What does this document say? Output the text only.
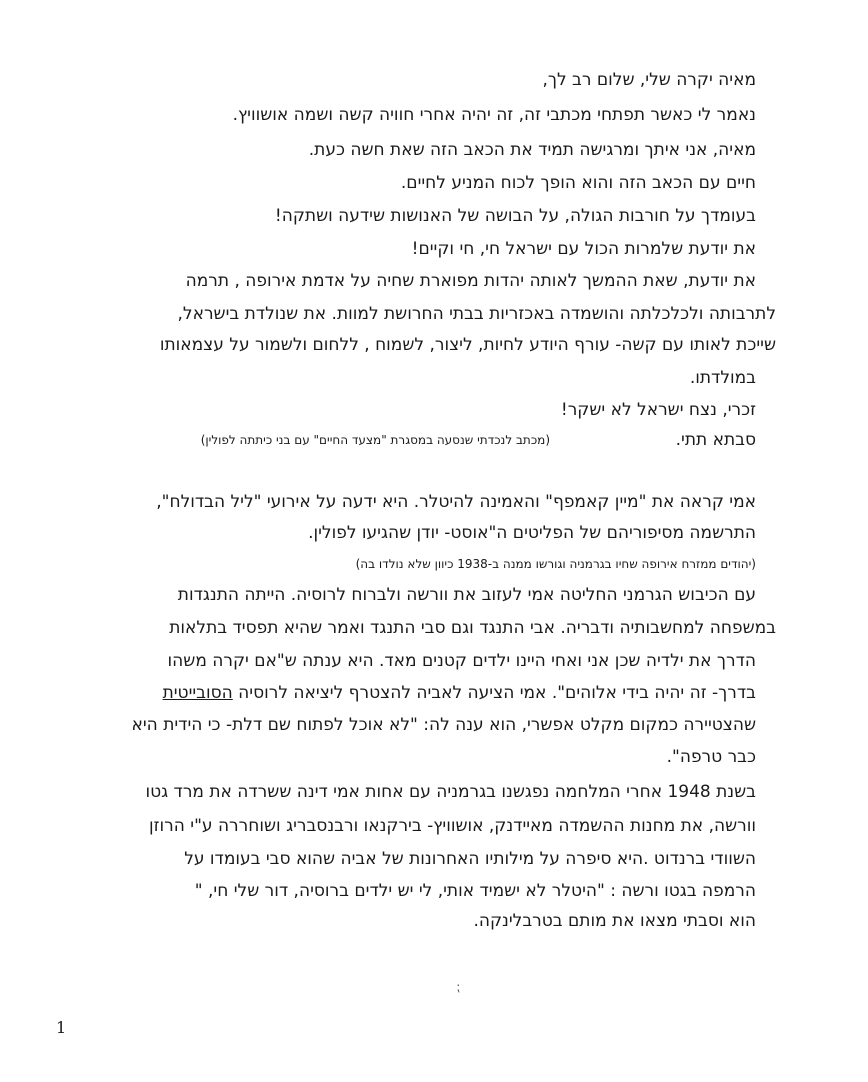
מאיה יקרה שלי, שלום רב לך,
נאמר לי כאשר תפתחי מכתבי זה, זה יהיה אחרי חוויה קשה ושמה אושוויץ.
מאיה, אני איתך ומרגישה תמיד את הכאב הזה שאת חשה כעת.
חיים עם הכאב הזה והוא הופך לכוח המניע לחיים.
בעומדך על חורבות הגולה, על הבושה של האנושות שידעה ושתקה!
את יודעת שלמרות הכול עם ישראל חי, חי וקיים!
את יודעת, שאת ההמשך לאותה יהדות מפוארת שחיה על אדמת אירופה , תרמה
לתרבותה ולכלכלתה והושמדה באכזריות בבתי החרושת למוות. את שנולדת בישראל,
שייכת לאותו עם קשה- עורף היודע לחיות, ליצור, לשמוח , ללחום ולשמור על עצמאותו
במולדתו.
זכרי, נצח ישראל לא ישקר!
סבתא תתי.
(מכתב לנכדתי שנסעה במסגרת "מצעד החיים" עם בני כיתתה לפולין)
אמי קראה את "מיין קאמפף" והאמינה להיטלר. היא ידעה על אירועי "ליל הבדולח",
התרשמה מסיפוריהם של הפליטים ה"אוסט- יודן שהגיעו לפולין.
(יהודים ממזרח אירופה שחיו בגרמניה וגורשו ממנה ב-1938 כיוון שלא נולדו בה)
עם הכיבוש הגרמני החליטה אמי לעזוב את וורשה ולברוח לרוסיה. הייתה התנגדות
במשפחה למחשבותיה ודבריה. אבי התנגד וגם סבי התנגד ואמר שהיא תפסיד בתלאות
הדרך את ילדיה שכן אני ואחי היינו ילדים קטנים מאד. היא ענתה ש"אם יקרה משהו
בדרך- זה יהיה בידי אלוהים". אמי הציעה לאביה להצטרף ליציאה לרוסיה הסובייטית
שהצטיירה כמקום מקלט אפשרי, הוא ענה לה: "לא אוכל לפתוח שם דלת- כי הידית היא
כבר טרפה".
בשנת 1948 אחרי המלחמה נפגשנו בגרמניה עם אחות אמי דינה ששרדה את מרד גטו
וורשה, את מחנות ההשמדה מאיידנק, אושוויץ- בירקנאו ורבנסבריג ושוחררה ע"י הרוזן
השוודי ברנדוט .היא סיפרה על מילותיו האחרונות של אביה שהוא סבי בעומדו על
הרמפה בגטו ורשה : "היטלר לא ישמיד אותי, לי יש ילדים ברוסיה, דור שלי חי, "
הוא וסבתי מצאו את מותם בטרבלינקה.
⁏
1
